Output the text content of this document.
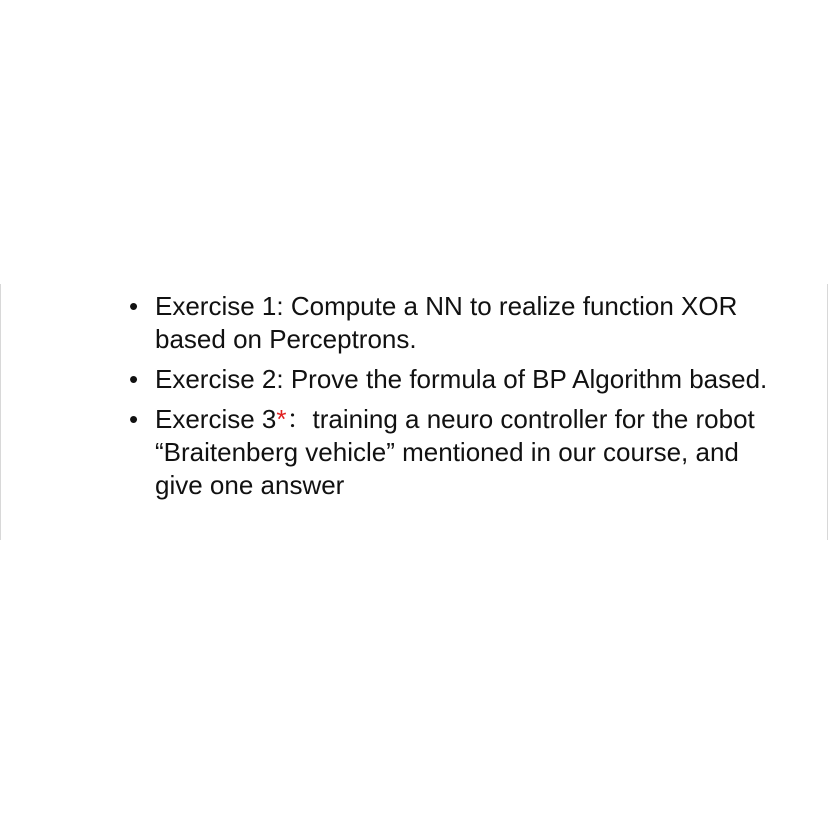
• Exercise 1: Compute a NN to realize function XOR based on Perceptrons.
• Exercise 2: Prove the formula of BP Algorithm based.
• Exercise 3*：training a neuro controller for the robot “Braitenberg vehicle” mentioned in our course, and give one answer
